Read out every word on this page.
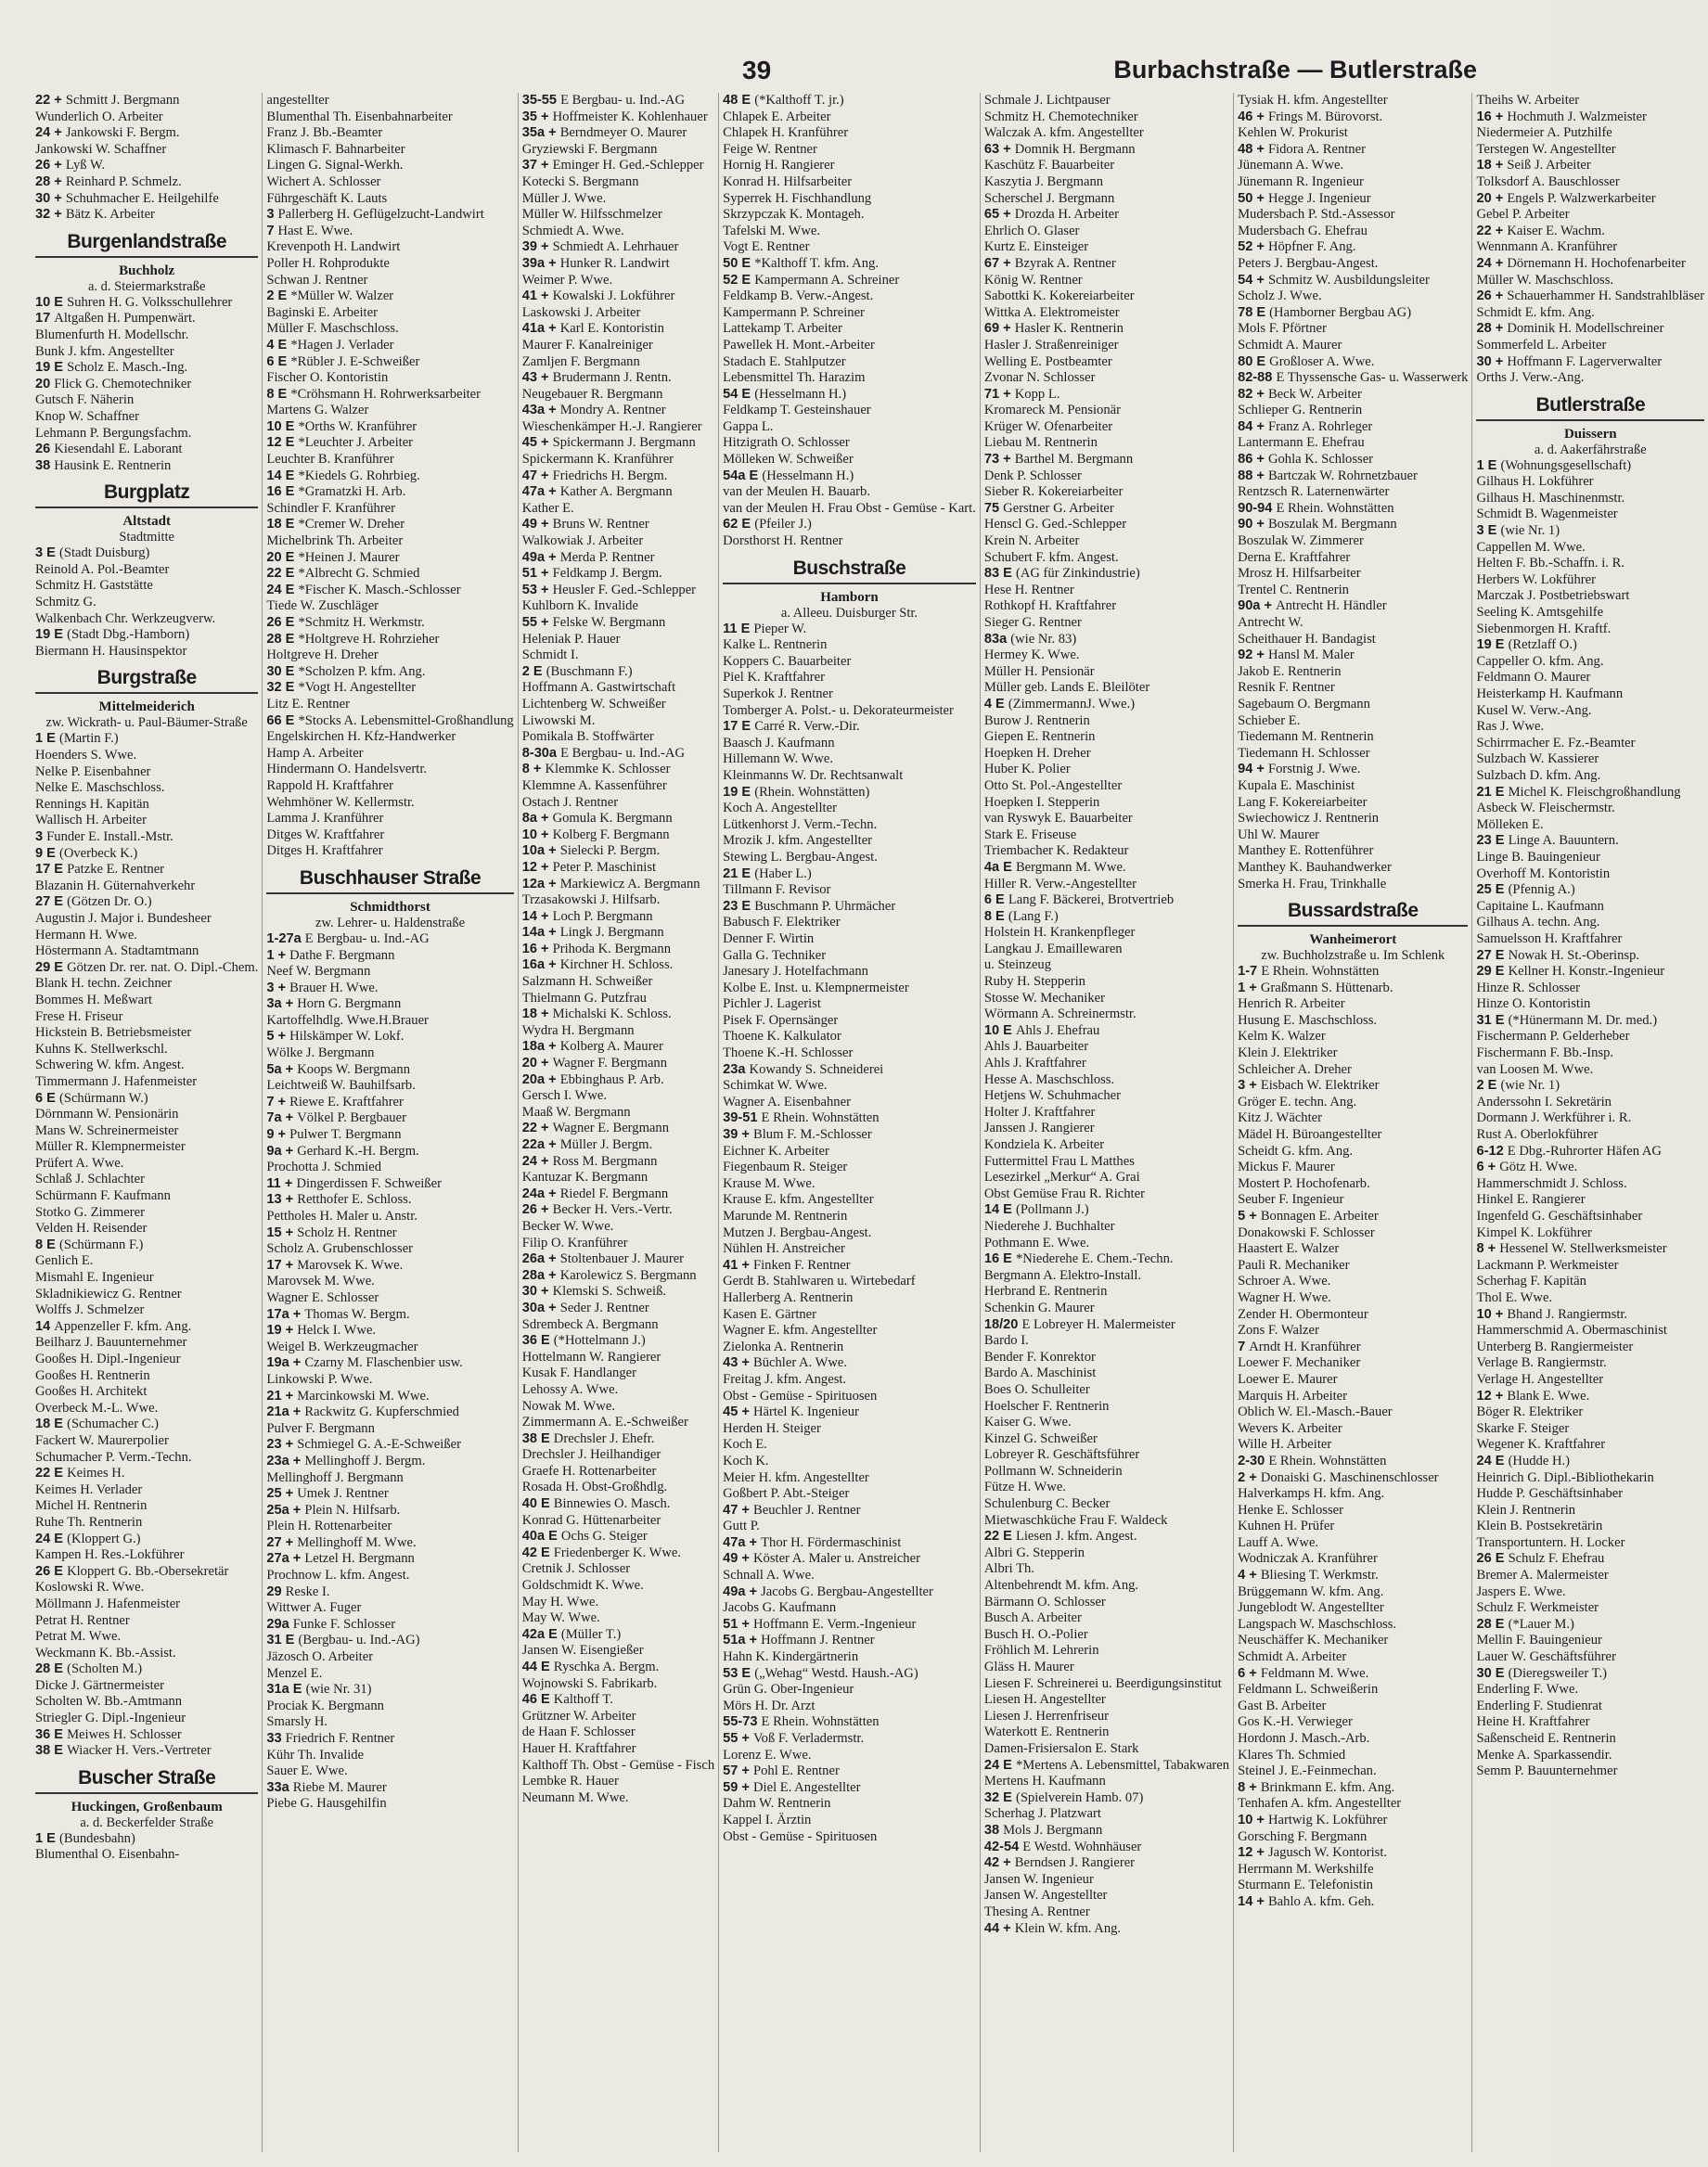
39	Burbachstraße — Butlerstraße
22 + Schmitt J. Bergmann
Wunderlich O. Arbeiter
24 + Jankowski F. Bergm.
Jankowski W. Schaffner
26 + Lyß W.
28 + Reinhard P. Schmelz.
30 + Schuhmacher E. Heilgehilfe
32 + Bätz K. Arbeiter
Burgenlandstraße
Buchholz
a. d. Steiermarkstraße
10 E Suhren H. G. Volksschullehrer
17 Altgaßen H. Pumpenwärt.
Blumenfurth H. Modellschr.
Bunk J. kfm. Angestellter
19 E Scholz E. Masch.-Ing.
20 Flick G. Chemotechniker
Gutsch F. Näherin
Knop W. Schaffner
Lehmann P. Bergungsfachm.
26 Kiesendahl E. Laborant
38 Hausink E. Rentnerin
Burgplatz
Altstadt
Stadtmitte
3 E (Stadt Duisburg)
Reinold A. Pol.-Beamter
Schmitz H. Gaststätte
Schmitz G.
Walkenbach Chr. Werkzeugverw.
19 E (Stadt Dbg.-Hamborn)
Biermann H. Hausinspektor
Burgstraße
Mittelmeiderich
zw. Wickrath- u. Paul-Bäumer-Straße
1 E (Martin F.)
Hoenders S. Wwe.
Nelke P. Eisenbahner
Nelke E. Maschschloss.
Rennings H. Kapitän
Wallisch H. Arbeiter
3 Funder E. Install.-Mstr.
9 E (Overbeck K.)
17 E Patzke E. Rentner
Blazanin H. Güternahverkehr
27 E (Götzen Dr. O.)
Augustin J. Major i. Bundesheer
Hermann H. Wwe.
Höstermann A. Stadtamtmann
29 E Götzen Dr. rer. nat. O. Dipl.-Chem.
Blank H. techn. Zeichner
Bommes H. Meßwart
Frese H. Friseur
Hickstein B. Betriebsmeister
Kuhns K. Stellwerkschl.
Schwering W. kfm. Angest.
Timmermann J. Hafenmeister
6 E (Schürmann W.)
Dörnmann W. Pensionärin
Mans W. Schreinermeister
Müller R. Klempnermeister
Prüfert A. Wwe.
Schlaß J. Schlachter
Schürmann F. Kaufmann
Stotko G. Zimmerer
Velden H. Reisender
8 E (Schürmann F.)
Genlich E.
Mismahl E. Ingenieur
Skladnikiewicz G. Rentner
Wolffs J. Schmelzer
14 Appenzeller F. kfm. Ang.
Beilharz J. Bauunternehmer
Gooßes H. Dipl.-Ingenieur
Gooßes H. Rentnerin
Gooßes H. Architekt
Overbeck M.-L. Wwe.
18 E (Schumacher C.)
Fackert W. Maurerpolier
Schumacher P. Verm.-Techn.
22 E Keimes H.
Keimes H. Verlader
Michel H. Rentnerin
Ruhe Th. Rentnerin
24 E (Kloppert G.)
Kampen H. Res.-Lokführer
26 E Kloppert G. Bb.-Obersekretär
Koslowski R. Wwe.
Möllmann J. Hafenmeister
Petrat H. Rentner
Petrat M. Wwe.
Weckmann K. Bb.-Assist.
28 E (Scholten M.)
Dicke J. Gärtnermeister
Scholten W. Bb.-Amtmann
Striegler G. Dipl.-Ingenieur
36 E Meiwes H. Schlosser
38 E Wiacker H. Vers.-Vertreter
Buscher Straße
Huckingen, Großenbaum
a. d. Beckerfelder Straße
1 E (Bundesbahn)
Blumenthal O. Eisenbahn-
angestellter
Blumenthal Th. Eisenbahnarbeiter
Franz J. Bb.-Beamter
Klimasch F. Bahnarbeiter
Lingen G. Signal-Werkh.
Wichert A. Schlosser
Führgeschäft K. Lauts
3 Pallerberg H. Geflügelzucht-Landwirt
7 Hast E. Wwe.
Krevenpoth H. Landwirt
Poller H. Rohprodukte
Schwan J. Rentner
2 E *Müller W. Walzer
Baginski E. Arbeiter
Müller F. Maschschloss.
4 E *Hagen J. Verlader
6 E *Rübler J. E-Schweißer
Fischer O. Kontoristin
8 E *Cröhsmann H. Rohrwerksarbeiter
Martens G. Walzer
10 E *Orths W. Kranführer
12 E *Leuchter J. Arbeiter
Leuchter B. Kranführer
14 E *Kiedels G. Rohrbieg.
16 E *Gramatzki H. Arb.
Schindler F. Kranführer
18 E *Cremer W. Dreher
Michelbrink Th. Arbeiter
20 E *Heinen J. Maurer
22 E *Albrecht G. Schmied
24 E *Fischer K. Masch.-Schlosser
Tiede W. Zuschläger
26 E *Schmitz H. Werkmstr.
28 E *Holtgreve H. Rohrzieher
Holtgreve H. Dreher
30 E *Scholzen P. kfm. Ang.
32 E *Vogt H. Angestellter
Litz E. Rentner
66 E *Stocks A. Lebensmittel-Großhandlung
Engelskirchen H. Kfz-Handwerker
Hamp A. Arbeiter
Hindermann O. Handelsvertr.
Rappold H. Kraftfahrer
Wehmhöner W. Kellermstr.
Lamma J. Kranführer
Ditges W. Kraftfahrer
Ditges H. Kraftfahrer
Buschhauser Straße
Schmidthorst
zw. Lehrer- u. Haldenstraße
1-27a E Bergbau- u. Ind.-AG
1 + Dathe F. Bergmann
Neef W. Bergmann
3 + Brauer H. Wwe.
3a + Horn G. Bergmann
Kartoffelhdlg. Wwe.H.Brauer
5 + Hilskämper W. Lokf.
Wölke J. Bergmann
5a + Koops W. Bergmann
Leichtweiß W. Bauhilfsarb.
7 + Riewe E. Kraftfahrer
7a + Völkel P. Bergbauer
9 + Pulwer T. Bergmann
9a + Gerhard K.-H. Bergm.
Prochotta J. Schmied
11 + Dingerdissen F. Schweißer
13 + Retthofer E. Schloss.
Pettholes H. Maler u. Anstr.
15 + Scholz H. Rentner
Scholz A. Grubenschlosser
17 + Marovsek K. Wwe.
Marovsek M. Wwe.
Wagner E. Schlosser
17a + Thomas W. Bergm.
19 + Helck I. Wwe.
Weigel B. Werkzeugmacher
19a + Czarny M. Flaschenbier usw.
Linkowski P. Wwe.
21 + Marcinkowski M. Wwe.
21a + Rackwitz G. Kupferschmied
Pulver F. Bergmann
23 + Schmiegel G. A.-E-Schweißer
23a + Mellinghoff J. Bergm.
Mellinghoff J. Bergmann
25 + Umek J. Rentner
25a + Plein N. Hilfsarb.
Plein H. Rottenarbeiter
27 + Mellinghoff M. Wwe.
27a + Letzel H. Bergmann
Prochnow L. kfm. Angest.
29 Reske I.
Wittwer A. Fuger
29a Funke F. Schlosser
31 E (Bergbau- u. Ind.-AG)
Jäzosch O. Arbeiter
Menzel E.
31a E (wie Nr. 31)
Prociak K. Bergmann
Smarsly H.
33 Friedrich F. Rentner
Kühr Th. Invalide
Sauer E. Wwe.
33a Riebe M. Maurer
Piebe G. Hausgehilfin
35-55 E Bergbau- u. Ind.-AG
35 + Hoffmeister K. Kohlenhauer
35a + Berndmeyer O. Maurer
Gryziewski F. Bergmann
37 + Eminger H. Ged.-Schlepper
Kotecki S. Bergmann
Müller J. Wwe.
Müller W. Hilfsschmelzer
Schmiedt A. Wwe.
39 + Schmiedt A. Lehrhauer
39a + Hunker R. Landwirt
Weimer P. Wwe.
41 + Kowalski J. Lokführer
Laskowski J. Arbeiter
41a + Karl E. Kontoristin
Maurer F. Kanalreiniger
Zamljen F. Bergmann
43 + Brudermann J. Rentn.
Neugebauer R. Bergmann
43a + Mondry A. Rentner
Wieschenkämper H.-J. Rangierer
45 + Spickermann J. Bergmann
Spickermann K. Kranführer
47 + Friedrichs H. Bergm.
47a + Kather A. Bergmann
Kather E.
49 + Bruns W. Rentner
Walkowiak J. Arbeiter
49a + Merda P. Rentner
51 + Feldkamp J. Bergm.
53 + Heusler F. Ged.-Schlepper
Kuhlborn K. Invalide
55 + Felske W. Bergmann
Heleniak P. Hauer
Schmidt I.
2 E (Buschmann F.)
Hoffmann A. Gastwirtschaft
Lichtenberg W. Schweißer
Liwowski M.
Pomikala B. Stoffwärter
8-30a E Bergbau- u. Ind.-AG
8 + Klemmke K. Schlosser
Klemmne A. Kassenführer
Ostach J. Rentner
8a + Gomula K. Bergmann
10 + Kolberg F. Bergmann
10a + Sielecki P. Bergm.
12 + Peter P. Maschinist
12a + Markiewicz A. Bergmann
Trzasakowski J. Hilfsarb.
14 + Loch P. Bergmann
14a + Lingk J. Bergmann
16 + Prihoda K. Bergmann
16a + Kirchner H. Schloss.
Salzmann H. Schweißer
Thielmann G. Putzfrau
18 + Michalski K. Schloss.
Wydra H. Bergmann
18a + Kolberg A. Maurer
20 + Wagner F. Bergmann
20a + Ebbinghaus P. Arb.
Gersch I. Wwe.
Maaß W. Bergmann
22 + Wagner E. Bergmann
22a + Müller J. Bergm.
24 + Ross M. Bergmann
Kantuzar K. Bergmann
24a + Riedel F. Bergmann
26 + Becker H. Vers.-Vertr.
Becker W. Wwe.
Filip O. Kranführer
26a + Stoltenbauer J. Maurer
28a + Karolewicz S. Bergmann
30 + Klemski S. Schweiß.
30a + Seder J. Rentner
Sdrembeck A. Bergmann
36 E (*Hottelmann J.)
Hottelmann W. Rangierer
Kusak F. Handlanger
Lehossy A. Wwe.
Nowak M. Wwe.
Zimmermann A. E.-Schweißer
38 E Drechsler J. Ehefr.
Drechsler J. Heilhandiger
Graefe H. Rottenarbeiter
Rosada H. Obst-Großhdlg.
40 E Binnewies O. Masch.
Konrad G. Hüttenarbeiter
40a E Ochs G. Steiger
42 E Friedenberger K. Wwe.
Cretnik J. Schlosser
Goldschmidt K. Wwe.
May H. Wwe.
May W. Wwe.
42a E (Müller T.)
Jansen W. Eisengießer
44 E Ryschka A. Bergm.
Wojnowski S. Fabrikarb.
46 E Kalthoff T.
Grützner W. Arbeiter
de Haan F. Schlosser
Hauer H. Kraftfahrer
Kalthoff Th. Obst - Gemüse - Fisch
Lembke R. Hauer
Neumann M. Wwe.
48 E (*Kalthoff T. jr.)
Chlapek E. Arbeiter
Chlapek H. Kranführer
Feige W. Rentner
Hornig H. Rangierer
Konrad H. Hilfsarbeiter
Syperrek H. Fischhandlung
Skrzypczak K. Montageh.
Tafelski M. Wwe.
Vogt E. Rentner
50 E *Kalthoff T. kfm. Ang.
52 E Kampermann A. Schreiner
Feldkamp B. Verw.-Angest.
Kampermann P. Schreiner
Lattekamp T. Arbeiter
Pawellek H. Mont.-Arbeiter
Stadach E. Stahlputzer
Lebensmittel Th. Harazim
54 E (Hesselmann H.)
Feldkamp T. Gesteinshauer
Gappa L.
Hitzigrath O. Schlosser
Mölleken W. Schweißer
54a E (Hesselmann H.)
van der Meulen H. Bauarb.
van der Meulen H. Frau Obst - Gemüse - Kart.
62 E (Pfeiler J.)
Dorsthorst H. Rentner
Buschstraße
Hamborn
a. Alleeu. Duisburger Str.
11 E Pieper W.
Kalke L. Rentnerin
Koppers C. Bauarbeiter
Piel K. Kraftfahrer
Superkok J. Rentner
Tomberger A. Polst.- u. Dekorateurmeister
17 E Carré R. Verw.-Dir.
Baasch J. Kaufmann
Hillemann W. Wwe.
Kleinmanns W. Dr. Rechtsanwalt
19 E (Rhein. Wohnstätten)
Koch A. Angestellter
Lütkenhorst J. Verm.-Techn.
Mrozik J. kfm. Angestellter
Stewing L. Bergbau-Angest.
21 E (Haber L.)
Tillmann F. Revisor
23 E Buschmann P. Uhrmächer
Babusch F. Elektriker
Denner F. Wirtin
Galla G. Techniker
Janesary J. Hotelfachmann
Kolbe E. Inst. u. Klempnermeister
Pichler J. Lagerist
Pisek F. Opernsänger
Thoene K. Kalkulator
Thoene K.-H. Schlosser
23a Kowandy S. Schneiderei
Schimkat W. Wwe.
Wagner A. Eisenbahner
39-51 E Rhein. Wohnstätten
39 + Blum F. M.-Schlosser
Eichner K. Arbeiter
Fiegenbaum R. Steiger
Krause M. Wwe.
Krause E. kfm. Angestellter
Marunde M. Rentnerin
Mutzen J. Bergbau-Angest.
Nühlen H. Anstreicher
41 + Finken F. Rentner
Gerdt B. Stahlwaren u. Wirtebedarf
Hallerberg A. Rentnerin
Kasen E. Gärtner
Wagner E. kfm. Angestellter
Zielonka A. Rentnerin
43 + Büchler A. Wwe.
Freitag J. kfm. Angest.
Obst - Gemüse - Spirituosen
45 + Härtel K. Ingenieur
Herden H. Steiger
Koch E.
Koch K.
Meier H. kfm. Angestellter
Goßbert P. Abt.-Steiger
47 + Beuchler J. Rentner
Gutt P.
47a + Thor H. Fördermaschinist
49 + Köster A. Maler u. Anstreicher
Schnall A. Wwe.
49a + Jacobs G. Bergbau-Angestellter
Jacobs G. Kaufmann
51 + Hoffmann E. Verm.-Ingenieur
51a + Hoffmann J. Rentner
Hahn K. Kindergärtnerin
53 E („Wehag“ Westd. Haush.-AG)
Grün G. Ober-Ingenieur
Mörs H. Dr. Arzt
55-73 E Rhein. Wohnstätten
55 + Voß F. Verladermstr.
Lorenz E. Wwe.
57 + Pohl E. Rentner
59 + Diel E. Angestellter
Dahm W. Rentnerin
Kappel I. Ärztin
Obst - Gemüse - Spirituosen
Schmale J. Lichtpauser
Schmitz H. Chemotechniker
Walczak A. kfm. Angestellter
63 + Domnik H. Bergmann
Kaschütz F. Bauarbeiter
Kaszytia J. Bergmann
Scherschel J. Bergmann
65 + Drozda H. Arbeiter
Ehrlich O. Glaser
Kurtz E. Einsteiger
67 + Bzyrak A. Rentner
König W. Rentner
Sabottki K. Kokereiarbeiter
Wittka A. Elektromeister
69 + Hasler K. Rentnerin
Hasler J. Straßenreiniger
Welling E. Postbeamter
Zvonar N. Schlosser
71 + Kopp L.
Kromareck M. Pensionär
Krüger W. Ofenarbeiter
Liebau M. Rentnerin
73 + Barthel M. Bergmann
Denk P. Schlosser
Sieber R. Kokereiarbeiter
75 Gerstner G. Arbeiter
Henscl G. Ged.-Schlepper
Krein N. Arbeiter
Schubert F. kfm. Angest.
83 E (AG für Zinkindustrie)
Hese H. Rentner
Rothkopf H. Kraftfahrer
Sieger G. Rentner
83a (wie Nr. 83)
Hermey K. Wwe.
Müller H. Pensionär
Müller geb. Lands E. Bleilöter
4 E (ZimmermannJ. Wwe.)
Burow J. Rentnerin
Giepen E. Rentnerin
Hoepken H. Dreher
Huber K. Polier
Otto St. Pol.-Angestellter
Hoepken I. Stepperin
van Ryswyk E. Bauarbeiter
Stark E. Friseuse
Triembacher K. Redakteur
4a E Bergmann M. Wwe.
Hiller R. Verw.-Angestellter
6 E Lang F. Bäckerei, Brotvertrieb
8 E (Lang F.)
Holstein H. Krankenpfleger
Langkau J. Emaillewaren
u. Steinzeug
Ruby H. Stepperin
Stosse W. Mechaniker
Wörmann A. Schreinermstr.
10 E Ahls J. Ehefrau
Ahls J. Bauarbeiter
Ahls J. Kraftfahrer
Hesse A. Maschschloss.
Hetjens W. Schuhmacher
Holter J. Kraftfahrer
Janssen J. Rangierer
Kondziela K. Arbeiter
Futtermittel Frau L Matthes
Lesezirkel „Merkur“ A. Grai
Obst Gemüse Frau R. Richter
14 E (Pollmann J.)
Niederehe J. Buchhalter
Pothmann E. Wwe.
16 E *Niederehe E. Chem.-Techn.
Bergmann A. Elektro-Install.
Herbrand E. Rentnerin
Schenkin G. Maurer
18/20 E Lobreyer H. Malermeister
Bardo I.
Bender F. Konrektor
Bardo A. Maschinist
Boes O. Schulleiter
Hoelscher F. Rentnerin
Kaiser G. Wwe.
Kinzel G. Schweißer
Lobreyer R. Geschäftsführer
Pollmann W. Schneiderin
Fütze H. Wwe.
Schulenburg C. Becker
Mietwaschküche Frau F. Waldeck
22 E Liesen J. kfm. Angest.
Albri G. Stepperin
Albri Th.
Altenbehrendt M. kfm. Ang.
Bärmann O. Schlosser
Busch A. Arbeiter
Busch H. O.-Polier
Fröhlich M. Lehrerin
Gläss H. Maurer
Liesen F. Schreinerei u. Beerdigungsinstitut
Liesen H. Angestellter
Liesen J. Herrenfriseur
Waterkott E. Rentnerin
Damen-Frisiersalon E. Stark
24 E *Mertens A. Lebensmittel, Tabakwaren
Mertens H. Kaufmann
32 E (Spielverein Hamb. 07)
Scherhag J. Platzwart
38 Mols J. Bergmann
42-54 E Westd. Wohnhäuser
42 + Berndsen J. Rangierer
Jansen W. Ingenieur
Jansen W. Angestellter
Thesing A. Rentner
44 + Klein W. kfm. Ang.
Tysiak H. kfm. Angestellter
46 + Frings M. Bürovorst.
Kehlen W. Prokurist
48 + Fidora A. Rentner
Jünemann A. Wwe.
Jünemann R. Ingenieur
50 + Hegge J. Ingenieur
Mudersbach P. Std.-Assessor
Mudersbach G. Ehefrau
52 + Höpfner F. Ang.
Peters J. Bergbau-Angest.
54 + Schmitz W. Ausbildungsleiter
Scholz J. Wwe.
78 E (Hamborner Bergbau AG)
Mols F. Pförtner
Schmidt A. Maurer
80 E Großloser A. Wwe.
82-88 E Thyssensche Gas- u. Wasserwerk
82 + Beck W. Arbeiter
Schlieper G. Rentnerin
84 + Franz A. Rohrleger
Lantermann E. Ehefrau
86 + Gohla K. Schlosser
88 + Bartczak W. Rohrnetzbauer
Rentzsch R. Laternenwärter
90-94 E Rhein. Wohnstätten
90 + Boszulak M. Bergmann
Boszulak W. Zimmerer
Derna E. Kraftfahrer
Mrosz H. Hilfsarbeiter
Trentel C. Rentnerin
90a + Antrecht H. Händler
Antrecht W.
Scheithauer H. Bandagist
92 + Hansl M. Maler
Jakob E. Rentnerin
Resnik F. Rentner
Sagebaum O. Bergmann
Schieber E.
Tiedemann M. Rentnerin
Tiedemann H. Schlosser
94 + Forstnig J. Wwe.
Kupala E. Maschinist
Lang F. Kokereiarbeiter
Swiechowicz J. Rentnerin
Uhl W. Maurer
Manthey E. Rottenführer
Manthey K. Bauhandwerker
Smerka H. Frau, Trinkhalle
Bussardstraße
Wanheimerort
zw. Buchholzstraße u. Im Schlenk
1-7 E Rhein. Wohnstätten
1 + Graßmann S. Hüttenarb.
Henrich R. Arbeiter
Husung E. Maschschloss.
Kelm K. Walzer
Klein J. Elektriker
Schleicher A. Dreher
3 + Eisbach W. Elektriker
Gröger E. techn. Ang.
Kitz J. Wächter
Mädel H. Büroangestellter
Scheidt G. kfm. Ang.
Mickus F. Maurer
Mostert P. Hochofenarb.
Seuber F. Ingenieur
5 + Bonnagen E. Arbeiter
Donakowski F. Schlosser
Haastert E. Walzer
Pauli R. Mechaniker
Schroer A. Wwe.
Wagner H. Wwe.
Zender H. Obermonteur
Zons F. Walzer
7 Arndt H. Kranführer
Loewer F. Mechaniker
Loewer E. Maurer
Marquis H. Arbeiter
Oblich W. El.-Masch.-Bauer
Wevers K. Arbeiter
Wille H. Arbeiter
2-30 E Rhein. Wohnstätten
2 + Donaiski G. Maschinenschlosser
Halverkamps H. kfm. Ang.
Henke E. Schlosser
Kuhnen H. Prüfer
Lauff A. Wwe.
Wodniczak A. Kranführer
4 + Bliesing T. Werkmstr.
Brüggemann W. kfm. Ang.
Jungeblodt W. Angestellter
Langspach W. Maschschloss.
Neuschäffer K. Mechaniker
Schmidt A. Arbeiter
6 + Feldmann M. Wwe.
Feldmann L. Schweißerin
Gast B. Arbeiter
Gos K.-H. Verwieger
Hordonn J. Masch.-Arb.
Klares Th. Schmied
Steinel J. E.-Feinmechan.
8 + Brinkmann E. kfm. Ang.
Tenhafen A. kfm. Angestellter
10 + Hartwig K. Lokführer
Gorsching F. Bergmann
12 + Jagusch W. Kontorist.
Herrmann M. Werkshilfe
Sturmann E. Telefonistin
14 + Bahlo A. kfm. Geh.
Theihs W. Arbeiter
16 + Hochmuth J. Walzmeister
Niedermeier A. Putzhilfe
Terstegen W. Angestellter
18 + Seiß J. Arbeiter
Tolksdorf A. Bauschlosser
20 + Engels P. Walzwerkarbeiter
Gebel P. Arbeiter
22 + Kaiser E. Wachm.
Wennmann A. Kranführer
24 + Dörnemann H. Hochofenarbeiter
Müller W. Maschschloss.
26 + Schauerhammer H. Sandstrahlbläser
Schmidt E. kfm. Ang.
28 + Dominik H. Modellschreiner
Sommerfeld L. Arbeiter
30 + Hoffmann F. Lagerverwalter
Orths J. Verw.-Ang.
Butlerstraße
Duissern
a. d. Aakerfährstraße
1 E (Wohnungsgesellschaft)
Gilhaus H. Lokführer
Gilhaus H. Maschinenmstr.
Schmidt B. Wagenmeister
3 E (wie Nr. 1)
Cappellen M. Wwe.
Helten F. Bb.-Schaffn. i. R.
Herbers W. Lokführer
Marczak J. Postbetriebswart
Seeling K. Amtsgehilfe
Siebenmorgen H. Kraftf.
19 E (Retzlaff O.)
Cappeller O. kfm. Ang.
Feldmann O. Maurer
Heisterkamp H. Kaufmann
Kusel W. Verw.-Ang.
Ras J. Wwe.
Schirrmacher E. Fz.-Beamter
Sulzbach W. Kassierer
Sulzbach D. kfm. Ang.
21 E Michel K. Fleischgroßhandlung
Asbeck W. Fleischermstr.
Mölleken E.
23 E Linge A. Bauuntern.
Linge B. Bauingenieur
Overhoff M. Kontoristin
25 E (Pfennig A.)
Capitaine L. Kaufmann
Gilhaus A. techn. Ang.
Samuelsson H. Kraftfahrer
27 E Nowak H. St.-Oberinsp.
29 E Kellner H. Konstr.-Ingenieur
Hinze R. Schlosser
Hinze O. Kontoristin
31 E (*Hünermann M. Dr. med.)
Fischermann P. Gelderheber
Fischermann F. Bb.-Insp.
van Loosen M. Wwe.
2 E (wie Nr. 1)
Anderssohn I. Sekretärin
Dormann J. Werkführer i. R.
Rust A. Oberlokführer
6-12 E Dbg.-Ruhrorter Häfen AG
6 + Götz H. Wwe.
Hammerschmidt J. Schloss.
Hinkel E. Rangierer
Ingenfeld G. Geschäftsinhaber
Kimpel K. Lokführer
8 + Hessenel W. Stellwerksmeister
Lackmann P. Werkmeister
Scherhag F. Kapitän
Thol E. Wwe.
10 + Bhand J. Rangiermstr.
Hammerschmid A. Obermaschinist
Unterberg B. Rangiermeister
Verlage B. Rangiermstr.
Verlage H. Angestellter
12 + Blank E. Wwe.
Böger R. Elektriker
Skarke F. Steiger
Wegener K. Kraftfahrer
24 E (Hudde H.)
Heinrich G. Dipl.-Bibliothekarin
Hudde P. Geschäftsinhaber
Klein J. Rentnerin
Klein B. Postsekretärin
Transportuntern. H. Locker
26 E Schulz F. Ehefrau
Bremer A. Malermeister
Jaspers E. Wwe.
Schulz F. Werkmeister
28 E (*Lauer M.)
Mellin F. Bauingenieur
Lauer W. Geschäftsführer
30 E (Dieregsweiler T.)
Enderling F. Wwe.
Enderling F. Studienrat
Heine H. Kraftfahrer
Saßenscheid E. Rentnerin
Menke A. Sparkassendir.
Semm P. Bauunternehmer
